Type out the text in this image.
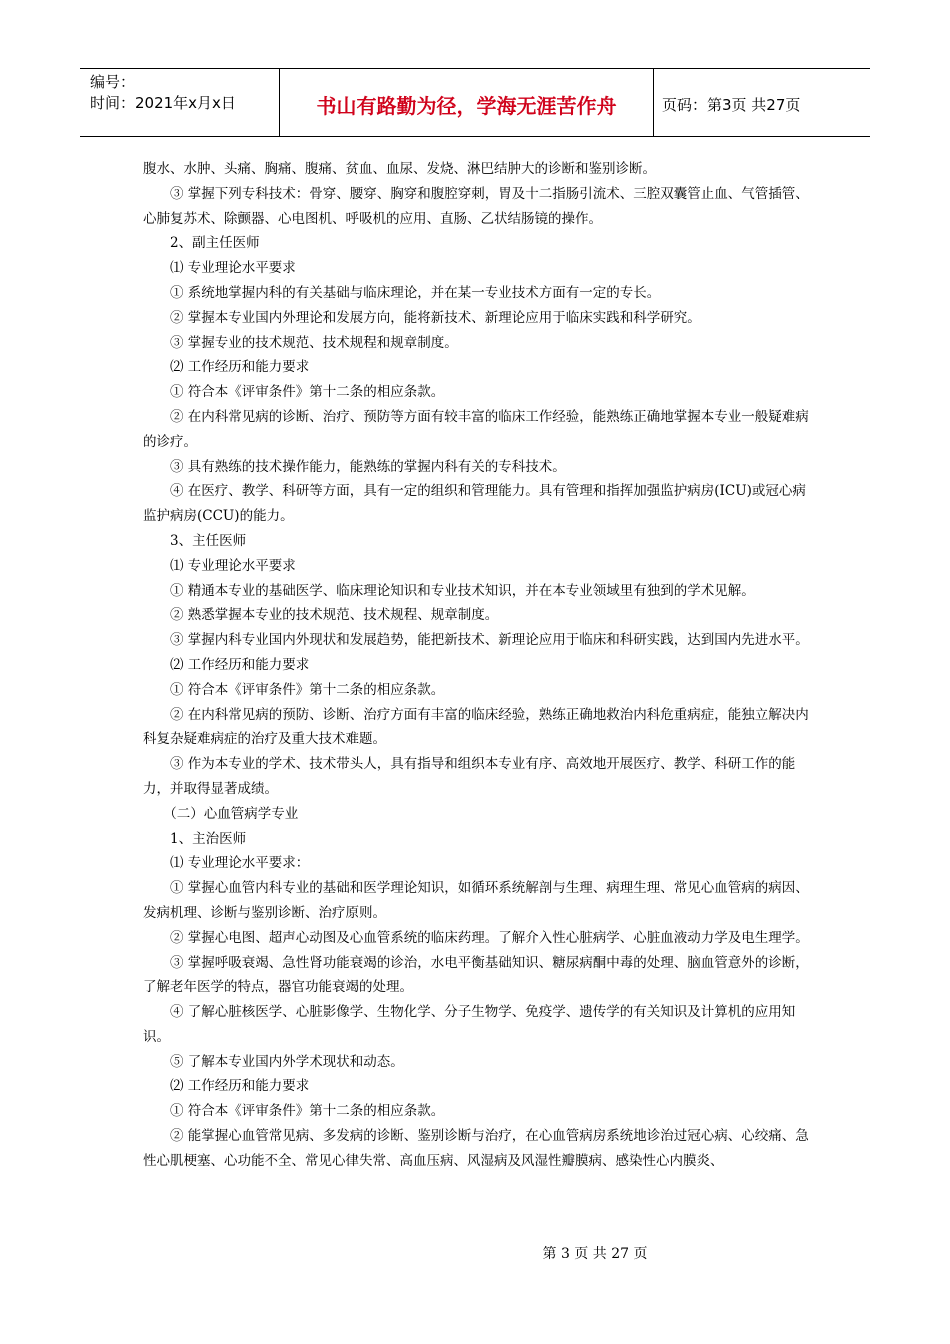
编号：
时间：2021年x月x日	书山有路勤为径，学海无涯苦作舟	页码：第3页 共27页

腹水、水肿、头痛、胸痛、腹痛、贫血、血尿、发烧、淋巴结肿大的诊断和鉴别诊断。

③ 掌握下列专科技术：骨穿、腰穿、胸穿和腹腔穿刺，胃及十二指肠引流术、三腔双囊管止血、气管插管、心肺复苏术、除颤器、心电图机、呼吸机的应用、直肠、乙状结肠镜的操作。

2、副主任医师

⑴ 专业理论水平要求

① 系统地掌握内科的有关基础与临床理论，并在某一专业技术方面有一定的专长。

② 掌握本专业国内外理论和发展方向，能将新技术、新理论应用于临床实践和科学研究。

③ 掌握专业的技术规范、技术规程和规章制度。

⑵ 工作经历和能力要求

① 符合本《评审条件》第十二条的相应条款。

② 在内科常见病的诊断、治疗、预防等方面有较丰富的临床工作经验，能熟练正确地掌握本专业一般疑难病的诊疗。

③ 具有熟练的技术操作能力，能熟练的掌握内科有关的专科技术。

④ 在医疗、教学、科研等方面，具有一定的组织和管理能力。具有管理和指挥加强监护病房(ICU)或冠心病监护病房(CCU)的能力。

3、主任医师

⑴ 专业理论水平要求

① 精通本专业的基础医学、临床理论知识和专业技术知识，并在本专业领域里有独到的学术见解。

② 熟悉掌握本专业的技术规范、技术规程、规章制度。

③ 掌握内科专业国内外现状和发展趋势，能把新技术、新理论应用于临床和科研实践，达到国内先进水平。

⑵ 工作经历和能力要求

① 符合本《评审条件》第十二条的相应条款。

② 在内科常见病的预防、诊断、治疗方面有丰富的临床经验，熟练正确地救治内科危重病症，能独立解决内科复杂疑难病症的治疗及重大技术难题。

③ 作为本专业的学术、技术带头人，具有指导和组织本专业有序、高效地开展医疗、教学、科研工作的能力，并取得显著成绩。

（二）心血管病学专业

1、主治医师

⑴ 专业理论水平要求：

① 掌握心血管内科专业的基础和医学理论知识，如循环系统解剖与生理、病理生理、常见心血管病的病因、发病机理、诊断与鉴别诊断、治疗原则。

② 掌握心电图、超声心动图及心血管系统的临床药理。了解介入性心脏病学、心脏血液动力学及电生理学。

③ 掌握呼吸衰竭、急性肾功能衰竭的诊治，水电平衡基础知识、糖尿病酮中毒的处理、脑血管意外的诊断，了解老年医学的特点，器官功能衰竭的处理。

④ 了解心脏核医学、心脏影像学、生物化学、分子生物学、免疫学、遗传学的有关知识及计算机的应用知识。

⑤ 了解本专业国内外学术现状和动态。

⑵ 工作经历和能力要求

① 符合本《评审条件》第十二条的相应条款。

② 能掌握心血管常见病、多发病的诊断、鉴别诊断与治疗，在心血管病房系统地诊治过冠心病、心绞痛、急性心肌梗塞、心功能不全、常见心律失常、高血压病、风湿病及风湿性瓣膜病、感染性心内膜炎、

第 3 页 共 27 页
